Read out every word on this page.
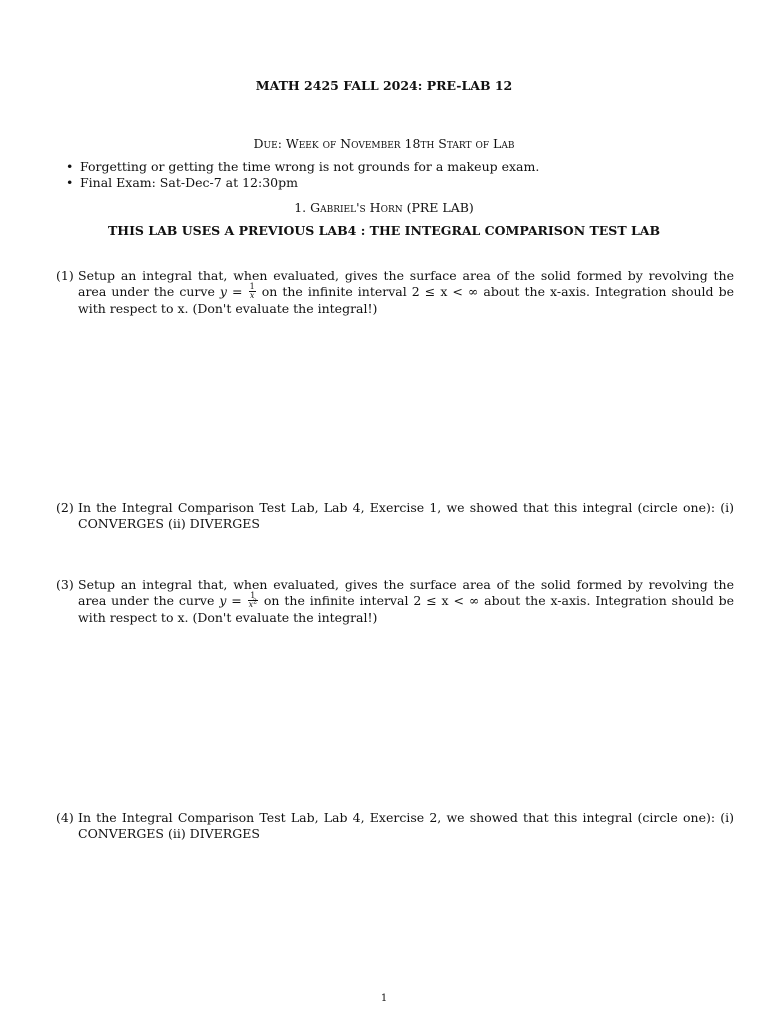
MATH 2425 FALL 2024: PRE-LAB 12
Due: Week of November 18th Start of Lab
• Forgetting or getting the time wrong is not grounds for a makeup exam.
• Final Exam: Sat-Dec-7 at 12:30pm
1. Gabriel's Horn (PRE LAB)
THIS LAB USES A PREVIOUS LAB4 : THE INTEGRAL COMPARISON TEST LAB
(1) Setup an integral that, when evaluated, gives the surface area of the solid formed by revolving the area under the curve $y = \frac{1}{x}$ on the infinite interval 2 ≤ x < ∞ about the x-axis. Integration should be with respect to x. (Don't evaluate the integral!)
(2) In the Integral Comparison Test Lab, Lab 4, Exercise 1, we showed that this integral (circle one): (i) CONVERGES (ii) DIVERGES
(3) Setup an integral that, when evaluated, gives the surface area of the solid formed by revolving the area under the curve $y = \frac{1}{x^2}$ on the infinite interval 2 ≤ x < ∞ about the x-axis. Integration should be with respect to x. (Don't evaluate the integral!)
(4) In the Integral Comparison Test Lab, Lab 4, Exercise 2, we showed that this integral (circle one): (i) CONVERGES (ii) DIVERGES
1
